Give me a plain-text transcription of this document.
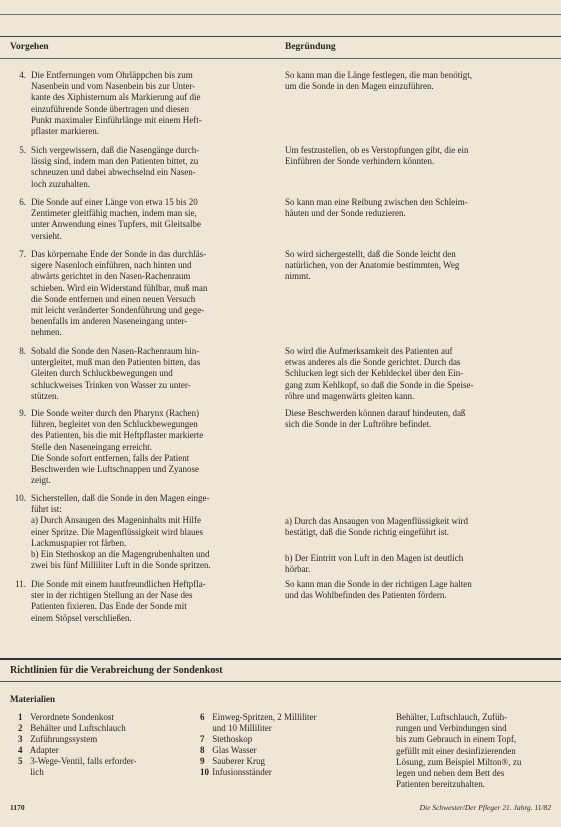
Vorgehen	Begründung
4. Die Entfernungen vom Ohrläppchen bis zum
Nasenbein und vom Nasenbein bis zur Unter-
kante des Xiphisternum als Markierung auf die
einzuführende Sonde übertragen und diesen
Punkt maximaler Einführlänge mit einem Heft-
pflaster markieren.
5. Sich vergewissern, daß die Nasengänge durch-
lässig sind, indem man den Patienten bittet, zu
schneuzen und dabei abwechselnd ein Nasen-
loch zuzuhalten.
6. Die Sonde auf einer Länge von etwa 15 bis 20
Zentimeter gleitfähig machen, indem man sie,
unter Anwendung eines Tupfers, mit Gleitsalbe
versieht.
7. Das körpernahe Ende der Sonde in das durchläs-
sigere Nasenloch einführen, nach hinten und
abwärts gerichtet in den Nasen-Rachenraum
schieben. Wird ein Widerstand fühlbar, muß man
die Sonde entfernen und einen neuen Versuch
mit leicht veränderter Sondenführung und gege-
benenfalls im anderen Naseneingang unter-
nehmen.
8. Sobald die Sonde den Nasen-Rachenraum hin-
untergleitet, muß man den Patienten bitten, das
Gleiten durch Schluckbewegungen und
schluckweises Trinken von Wasser zu unter-
stützen.
9. Die Sonde weiter durch den Pharynx (Rachen)
führen, begleitet von den Schluckbewegungen
des Patienten, bis die mit Heftpflaster markierte
Stelle den Naseneingang erreicht.
Die Sonde sofort entfernen, falls der Patient
Beschwerden wie Luftschnappen und Zyanose
zeigt.
10. Sicherstellen, daß die Sonde in den Magen einge-
führt ist:
a) Durch Ansaugen des Mageninhalts mit Hilfe
einer Spritze. Die Magenflüssigkeit wird blaues
Lackmuspapier rot färben.
b) Ein Stethoskop an die Magengrubenhalten und
zwei bis fünf Milliliter Luft in die Sonde spritzen.
11. Die Sonde mit einem hautfreundlichen Heftpfla-
ster in der richtigen Stellung an der Nase des
Patienten fixieren. Das Ende der Sonde mit
einem Stöpsel verschließen.
So kann man die Länge festlegen, die man benötigt,
um die Sonde in den Magen einzuführen.
Um festzustellen, ob es Verstopfungen gibt, die ein
Einführen der Sonde verhindern könnten.
So kann man eine Reibung zwischen den Schleim-
häuten und der Sonde reduzieren.
So wird sichergestellt, daß die Sonde leicht den
natürlichen, von der Anatomie bestimmten, Weg
nimmt.
So wird die Aufmerksamkeit des Patienten auf
etwas anderes als die Sonde gerichtet. Durch das
Schlucken legt sich der Kehldeckel über den Ein-
gang zum Kehlkopf, so daß die Sonde in die Speise-
röhre und magenwärts gleiten kann.
Diese Beschwerden können darauf hindeuten, daß
sich die Sonde in der Luftröhre befindet.
a) Durch das Ansaugen von Magenflüssigkeit wird
bestätigt, daß die Sonde richtig eingeführt ist.
b) Der Eintritt von Luft in den Magen ist deutlich
hörbar.
So kann man die Sonde in der richtigen Lage halten
und das Wohlbefinden des Patienten fördern.
Richtlinien für die Verabreichung der Sondenkost
Materialien
1 Verordnete Sondenkost
2 Behälter und Luftschlauch
3 Zuführungssystem
4 Adapter
5 3-Wege-Ventil, falls erforder-
lich
6 Einweg-Spritzen, 2 Milliliter
und 10 Milliliter
7 Stethoskop
8 Glas Wasser
9 Sauberer Krug
10 Infusionsständer
Behälter, Luftschlauch, Zufüh-
rungen und Verbindungen sind
bis zum Gebrauch in einem Topf,
gefüllt mit einer desinfizierenden
Lösung, zum Beispiel Milton®, zu
legen und neben dem Bett des
Patienten bereitzuhalten.
1170	Die Schwester/Der Pfleger 21. Jahrg. 11/82
